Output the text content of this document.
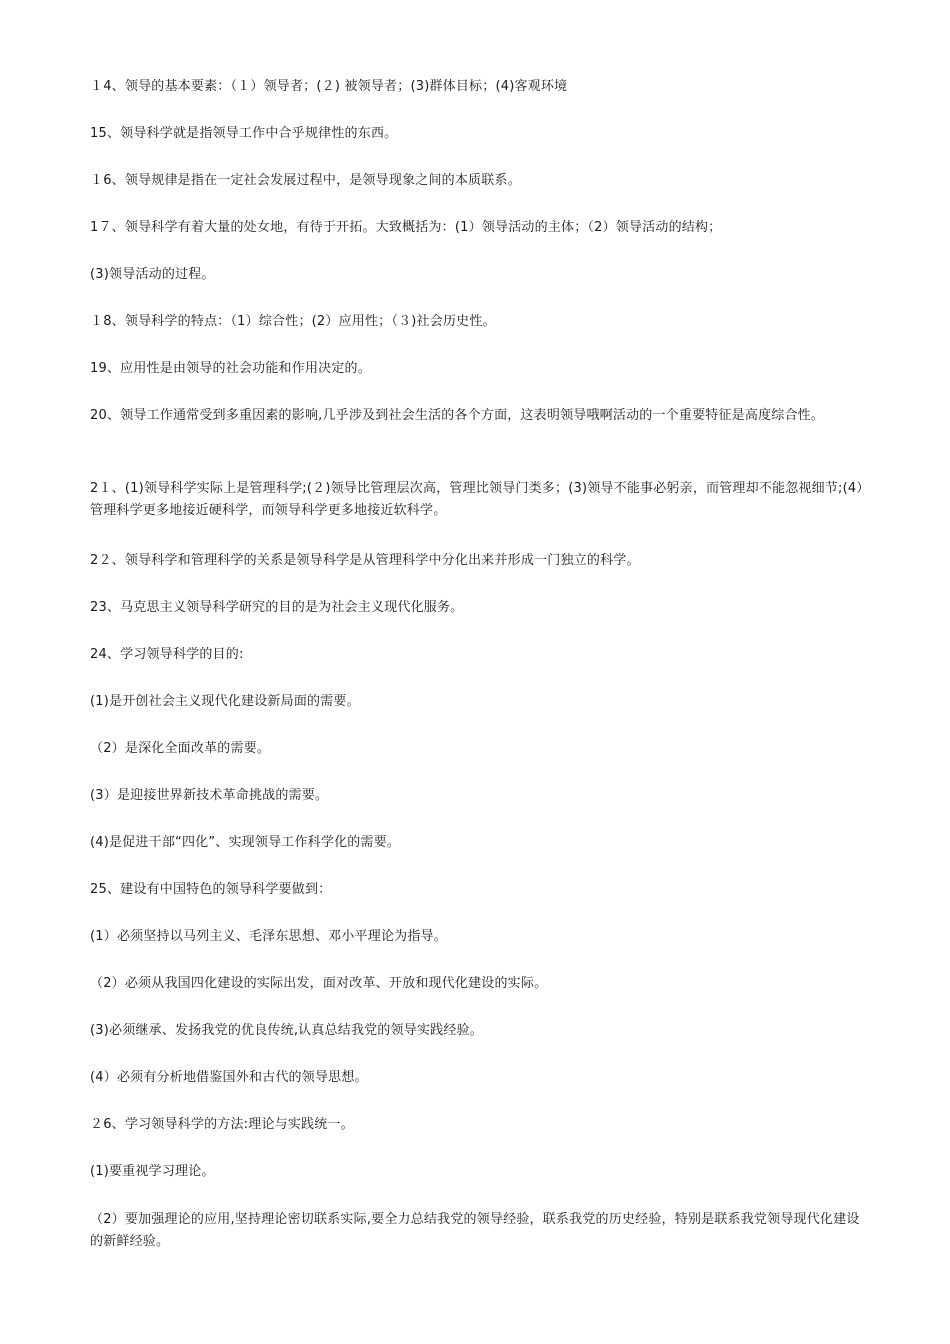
１4、领导的基本要素：（１）领导者；(２) 被领导者；(3)群体目标；(4)客观环境

15、领导科学就是指领导工作中合乎规律性的东西。

１6、领导规律是指在一定社会发展过程中，是领导现象之间的本质联系。

1７、领导科学有着大量的处女地，有待于开拓。大致概括为：(1）领导活动的主体；（2）领导活动的结构；

(3)领导活动的过程。

１8、领导科学的特点：（1）综合性；(2）应用性；（３)社会历史性。

19、应用性是由领导的社会功能和作用决定的。

20、领导工作通常受到多重因素的影响,几乎涉及到社会生活的各个方面，这表明领导哦啊活动的一个重要特征是高度综合性。

2１、(1)领导科学实际上是管理科学;(２)领导比管理层次高，管理比领导门类多；(3)领导不能事必躬亲，而管理却不能忽视细节;(4）管理科学更多地接近硬科学，而领导科学更多地接近软科学。

2２、领导科学和管理科学的关系是领导科学是从管理科学中分化出来并形成一门独立的科学。

23、马克思主义领导科学研究的目的是为社会主义现代化服务。

24、学习领导科学的目的:

(1)是开创社会主义现代化建设新局面的需要。

（2）是深化全面改革的需要。

(3）是迎接世界新技术革命挑战的需要。

(4)是促进干部“四化”、实现领导工作科学化的需要。

25、建设有中国特色的领导科学要做到：

(1）必须坚持以马列主义、毛泽东思想、邓小平理论为指导。

（2）必须从我国四化建设的实际出发，面对改革、开放和现代化建设的实际。

(3)必须继承、发扬我党的优良传统,认真总结我党的领导实践经验。

(4）必须有分析地借鉴国外和古代的领导思想。

２6、学习领导科学的方法:理论与实践统一。

(1)要重视学习理论。

（2）要加强理论的应用,坚持理论密切联系实际,要全力总结我党的领导经验，联系我党的历史经验，特别是联系我党领导现代化建设的新鲜经验。
